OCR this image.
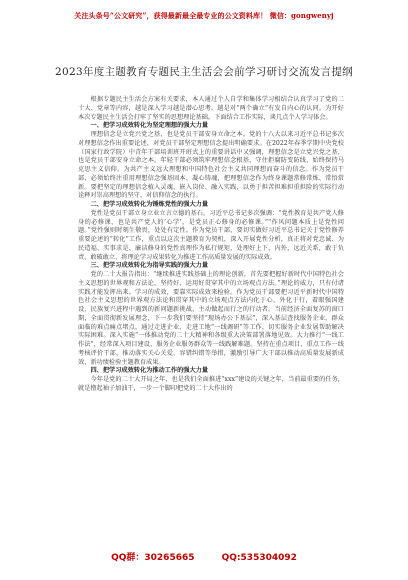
关注头条号“公文研究”，获得最新最全最专业的公文资料库！ 微信：gongwenyj
2023年度主题教育专题民主生活会会前学习研讨交流发言提纲

根据专题民主生活会方案有关要求，本人通过个人自学和集体学习相结合认真学习了党的二十大、党章等内容，越是深入学习越是潜心思考。越是对“两个确立”有发自内心的认同。为开好本次专题民主生活会打牢了坚实的思想理论基础。下面结合工作实际，谈几点个人学习体会。

一、把学习成效转化为坚定理想的强大力量

理想信念是立党兴党之基，也是党员干部安身立命之本。党的十八大以来习近平总书记多次对理想信念作出重要论述，对党员干部坚定理想信念提出明确要求。在2022年春季学期中央党校（国家行政学院）中青年干部培训班开班式上的重要讲话中又强调，理想信念是立党兴党之基，也是党员干部安身立命之本。年轻干部必须筑牢理想信念根基，守住拒腐防变防线，始终保持马克思主义信仰，为共产主义远大理想和中国特色社会主义共同理想而奋斗的信念。作为党员干部，必须始终注重用理想信念强基固本、凝心铸魂，把理想信念作为终身课题常修常炼、常悟常新。要把坚定的理想信念植入灵魂、嵌入岗位、融入实践，以勇于担苦担难担重担险的实际行动诠释对崇高理想的坚守、对信仰信念的执行。

二、把学习成效转化为锤炼党性的强大力量

党性是党员干部立身立业立言立德的基石。习近平总书记多次强调：“党性教育是共产党人修身的必修课，也是共产党人的‘心学’，是党员正心修身的必修课。”“作风问题本质上是党性问题。”党性强则时刻生敬畏，处处有定性。作为党员干部，要切实做好习近平总书记关于党性修养重要论述的“转化”工作，重点以这次主题教育为契机，深入开展党性分析，真正将对党忠诚、为民造福、实事求是、廉洁修身的党性真理作为私行规矩，处理好上下、内外、远近关系，敢于负责、敢破敢立，将理论学习成果转化为推进工作高质量发展的实际成效。

三、把学习成效转化为指导实践的强大力量

党的二十大报告指出：“继续推进实践基础上的理论创新，首先要把握好新时代中国特色社会主义思想的世界观和方法论，坚持好、运用好贯穿其中的立场观点方法。”理论的威力，只有付诸实践才能发挥出来。学习的成效，要靠实际成效来检验。作为党员干部要把习近平新时代中国特色社会主义思想的世界观方法论和贯穿其中的立场观点方法内化于心、外化于行，着眼强国建设、民族复兴进程中遇到的新问题新挑战，主动做起而行之的行动者。当前经济全面复苏的窗口期，全面贯彻新发展理念，下一步我们要坚持“现场办公下基层”，深入基层查找服务企业、群众面临的难点痛点堵点，通过走进企业、走进工地“一线调研”等工作，切实服务企业发展帮助解决实际困难。深入实施“一体推动党的二十大精神和各级重大决策部署落地见效。大力推行“一线工作法”，经常深入项目建设、服务企业服务群众等一线践解难题。坚持在重点项目、重点工作一线考核评价干部，推动落实关心关爱、容错纠错等举措，激励引导广大干部以推动高质量发展新成效、新功绩检验主题教育成果。

四、把学习成效转化为推动工作的强大力量

今年是党的二十大开局之年，也是我们全面推进“xxx”建设的关键之年，当前最重要的任务，就是撸起袖子加油干，一步一个脚印把党的二十大作出的

QQ群：30265665	QQ:535304092
